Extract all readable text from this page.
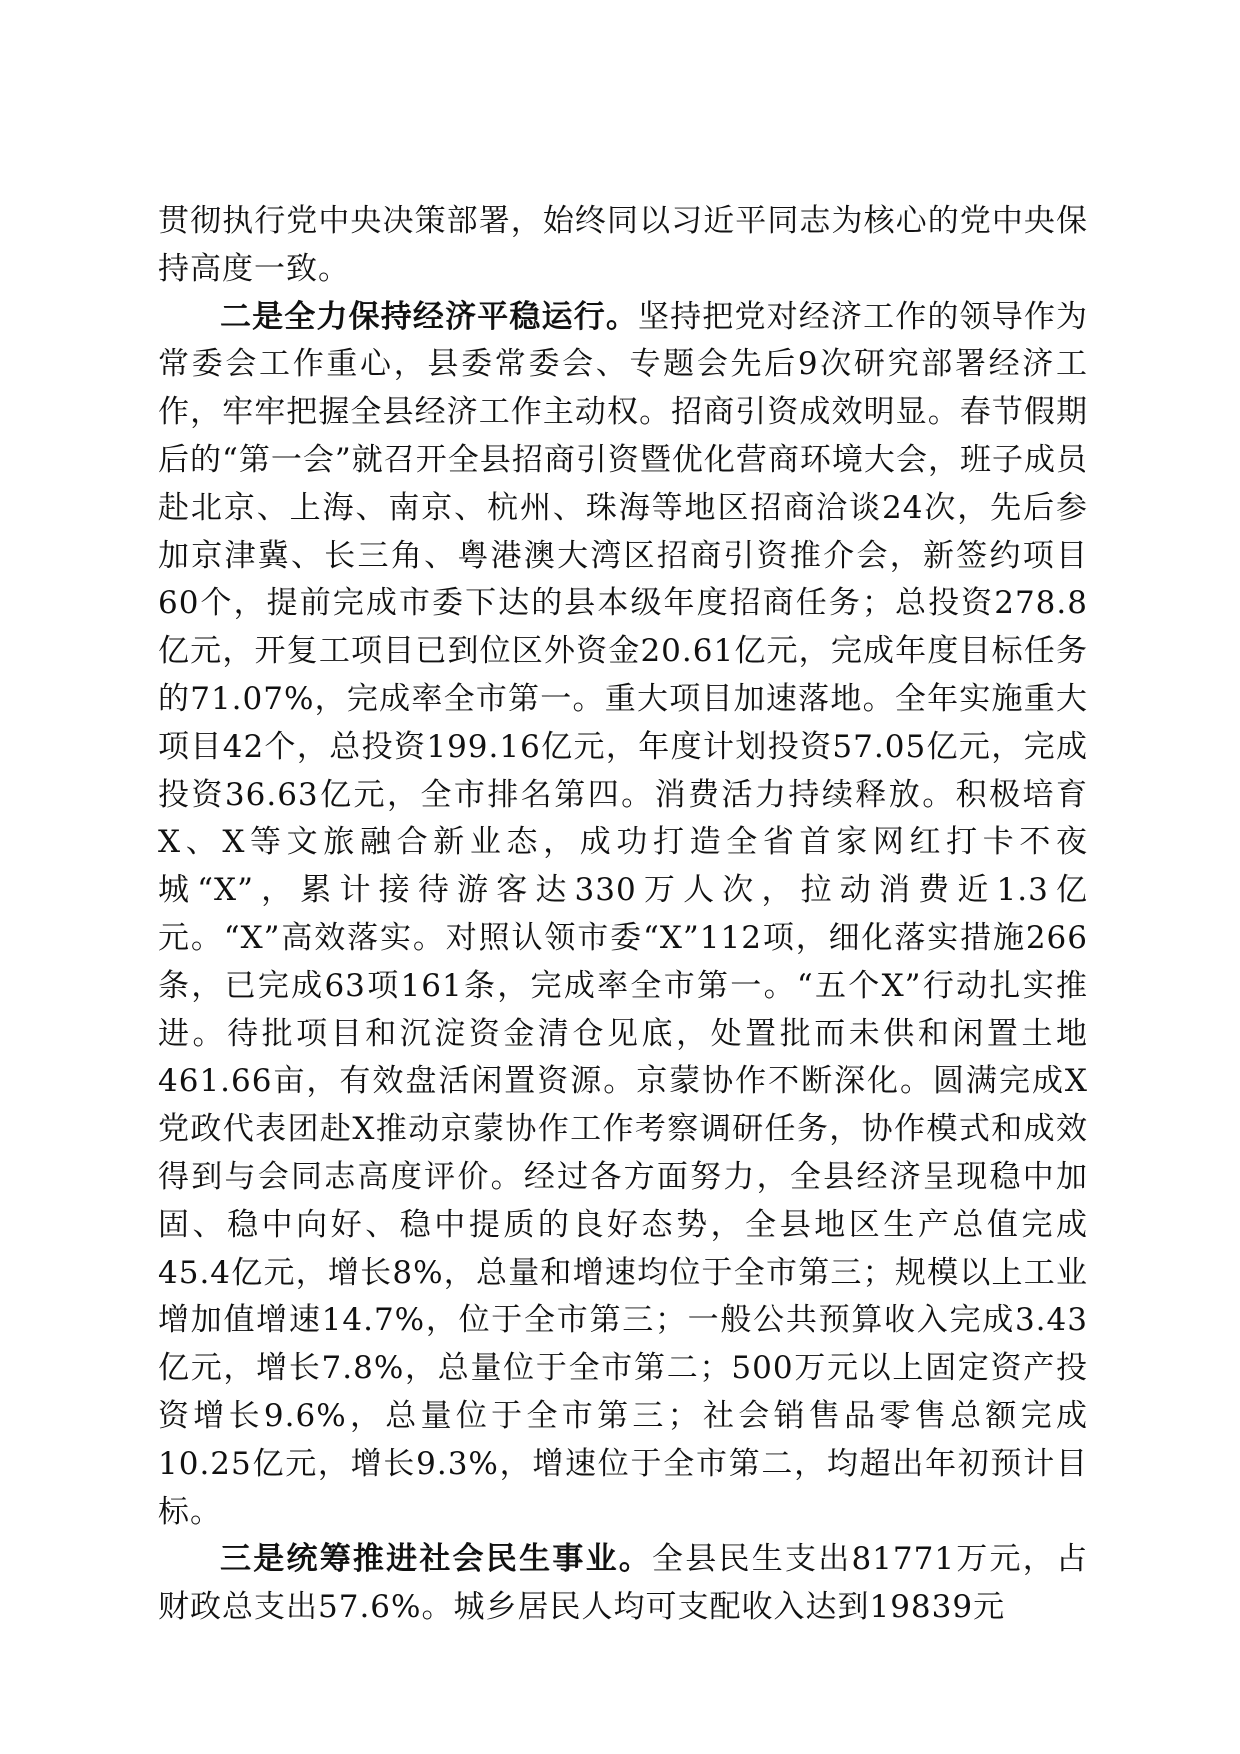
贯彻执行党中央决策部署，始终同以习近平同志为核心的党中央保持高度一致。

二是全力保持经济平稳运行。坚持把党对经济工作的领导作为常委会工作重心，县委常委会、专题会先后9次研究部署经济工作，牢牢把握全县经济工作主动权。招商引资成效明显。春节假期后的“第一会”就召开全县招商引资暨优化营商环境大会，班子成员赴北京、上海、南京、杭州、珠海等地区招商洽谈24次，先后参加京津冀、长三角、粤港澳大湾区招商引资推介会，新签约项目60个，提前完成市委下达的县本级年度招商任务；总投资278.8亿元，开复工项目已到位区外资金20.61亿元，完成年度目标任务的71.07%，完成率全市第一。重大项目加速落地。全年实施重大项目42个，总投资199.16亿元，年度计划投资57.05亿元，完成投资36.63亿元，全市排名第四。消费活力持续释放。积极培育X、X等文旅融合新业态，成功打造全省首家网红打卡不夜城“X”，累计接待游客达330万人次，拉动消费近1.3亿元。“X”高效落实。对照认领市委“X”112项，细化落实措施266条，已完成63项161条，完成率全市第一。“五个X”行动扎实推进。待批项目和沉淀资金清仓见底，处置批而未供和闲置土地461.66亩，有效盘活闲置资源。京蒙协作不断深化。圆满完成X党政代表团赴X推动京蒙协作工作考察调研任务，协作模式和成效得到与会同志高度评价。经过各方面努力，全县经济呈现稳中加固、稳中向好、稳中提质的良好态势，全县地区生产总值完成45.4亿元，增长8%，总量和增速均位于全市第三；规模以上工业增加值增速14.7%，位于全市第三；一般公共预算收入完成3.43亿元，增长7.8%，总量位于全市第二；500万元以上固定资产投资增长9.6%，总量位于全市第三；社会销售品零售总额完成10.25亿元，增长9.3%，增速位于全市第二，均超出年初预计目标。

三是统筹推进社会民生事业。全县民生支出81771万元，占财政总支出57.6%。城乡居民人均可支配收入达到19839元
